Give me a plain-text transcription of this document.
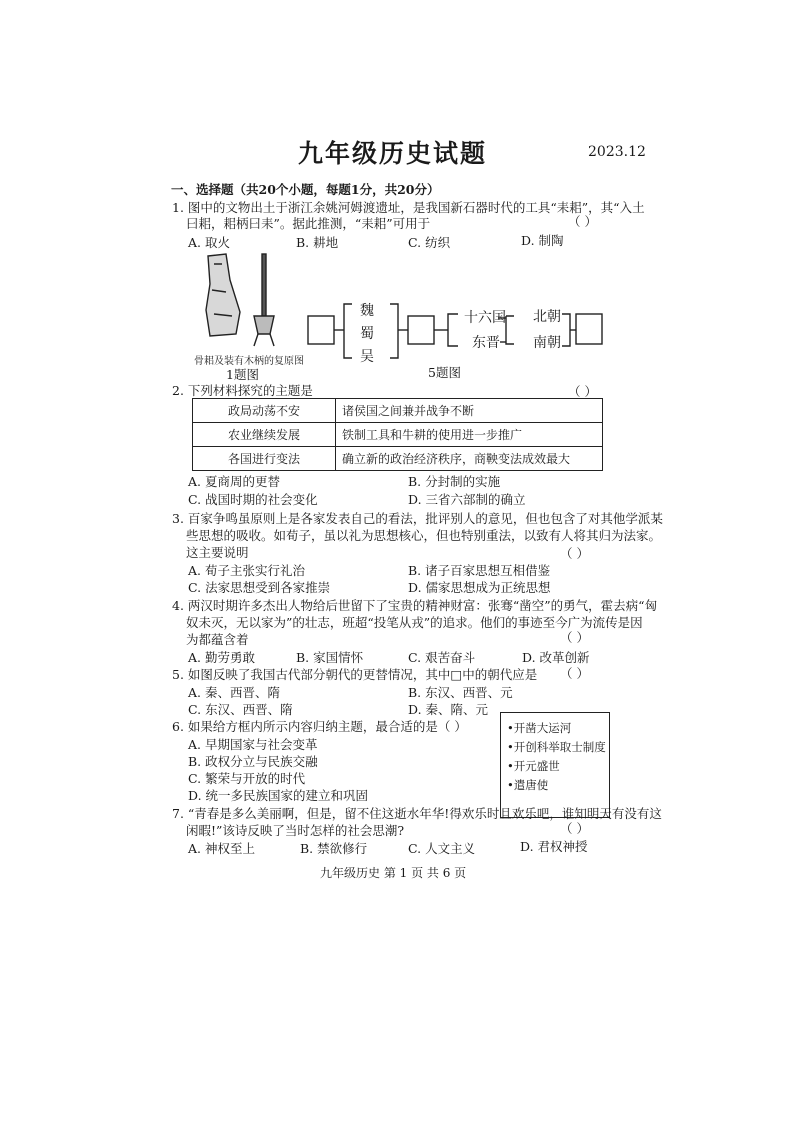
九年级历史试题	2023.12
一、选择题（共20个小题，每题1分，共20分）
1. 图中的文物出土于浙江余姚河姆渡遗址，是我国新石器时代的工具“耒耜”，其“入土
曰耜，耜柄曰耒”。据此推测，“耒耜”可用于	（ ）
A. 取火	B. 耕地	C. 纺织	D. 制陶
骨耜及装有木柄的复原图
1题图
魏
蜀
吴
十六国
东晋
北朝
南朝
5题图
2. 下列材料探究的主题是	（ ）
政局动荡不安	诸侯国之间兼并战争不断
农业继续发展	铁制工具和牛耕的使用进一步推广
各国进行变法	确立新的政治经济秩序，商鞅变法成效最大
A. 夏商周的更替	B. 分封制的实施
C. 战国时期的社会变化	D. 三省六部制的确立
3. 百家争鸣虽原则上是各家发表自己的看法，批评别人的意见，但也包含了对其他学派某
些思想的吸收。如荀子，虽以礼为思想核心，但也特别重法，以致有人将其归为法家。
这主要说明	（ ）
A. 荀子主张实行礼治	B. 诸子百家思想互相借鉴
C. 法家思想受到各家推崇	D. 儒家思想成为正统思想
4. 两汉时期许多杰出人物给后世留下了宝贵的精神财富：张骞“凿空”的勇气，霍去病“匈
奴未灭，无以家为”的壮志，班超“投笔从戎”的追求。他们的事迹至今广为流传是因
为都蕴含着	（ ）
A. 勤劳勇敢	B. 家国情怀	C. 艰苦奋斗	D. 改革创新
5. 如图反映了我国古代部分朝代的更替情况，其中□中的朝代应是 （ ）
A. 秦、西晋、隋	B. 东汉、西晋、元
C. 东汉、西晋、隋	D. 秦、隋、元
6. 如果给方框内所示内容归纳主题，最合适的是（ ）
A. 早期国家与社会变革
B. 政权分立与民族交融
C. 繁荣与开放的时代
D. 统一多民族国家的建立和巩固
•开凿大运河
•开创科举取士制度
•开元盛世
•遣唐使
7. “青春是多么美丽啊，但是，留不住这逝水年华!得欢乐时且欢乐吧，谁知明天有没有这
闲暇!”该诗反映了当时怎样的社会思潮?	（ ）
A. 神权至上	B. 禁欲修行	C. 人文主义	D. 君权神授
九年级历史 第 1 页 共 6 页
